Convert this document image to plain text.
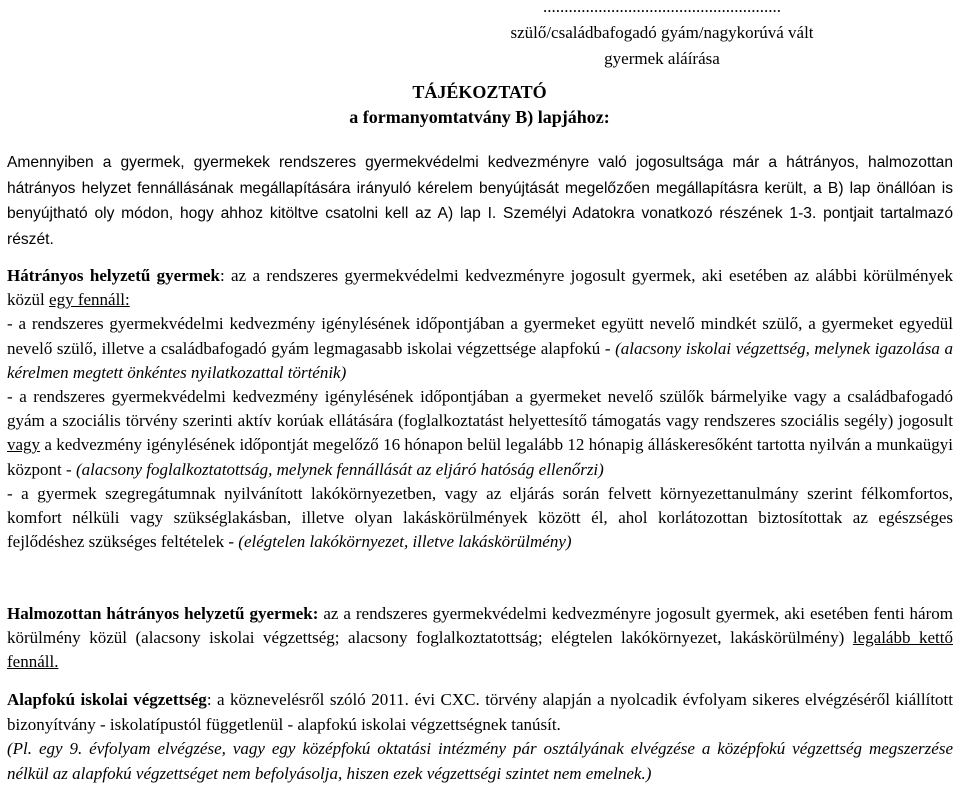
........................................................
szülő/családbafogadó gyám/nagykorúvá vált
gyermek aláírása
TÁJÉKOZTATÓ
a formanyomtatvány B) lapjához:

Amennyiben a gyermek, gyermekek rendszeres gyermekvédelmi kedvezményre való jogosultsága már a hátrányos, halmozottan hátrányos helyzet fennállásának megállapítására irányuló kérelem benyújtását megelőzően megállapításra került, a B) lap önállóan is benyújtható oly módon, hogy ahhoz kitöltve csatolni kell az A) lap I. Személyi Adatokra vonatkozó részének 1-3. pontjait tartalmazó részét.

Hátrányos helyzetű gyermek: az a rendszeres gyermekvédelmi kedvezményre jogosult gyermek, aki esetében az alábbi körülmények közül egy fennáll:
- a rendszeres gyermekvédelmi kedvezmény igénylésének időpontjában a gyermeket együtt nevelő mindkét szülő, a gyermeket egyedül nevelő szülő, illetve a családbafogadó gyám legmagasabb iskolai végzettsége alapfokú - (alacsony iskolai végzettség, melynek igazolása a kérelmen megtett önkéntes nyilatkozattal történik)
- a rendszeres gyermekvédelmi kedvezmény igénylésének időpontjában a gyermeket nevelő szülők bármelyike vagy a családbafogadó gyám a szociális törvény szerinti aktív korúak ellátására (foglalkoztatást helyettesítő támogatás vagy rendszeres szociális segély) jogosult vagy a kedvezmény igénylésének időpontját megelőző 16 hónapon belül legalább 12 hónapig álláskeresőként tartotta nyilván a munkaügyi központ - (alacsony foglalkoztatottság, melynek fennállását az eljáró hatóság ellenőrzi)
- a gyermek szegregátumnak nyilvánított lakókörnyezetben, vagy az eljárás során felvett környezettanulmány szerint félkomfortos, komfort nélküli vagy szükséglakásban, illetve olyan lakáskörülmények között él, ahol korlátozottan biztosítottak az egészséges fejlődéshez szükséges feltételek - (elégtelen lakókörnyezet, illetve lakáskörülmény)
Halmozottan hátrányos helyzetű gyermek: az a rendszeres gyermekvédelmi kedvezményre jogosult gyermek, aki esetében fenti három körülmény közül (alacsony iskolai végzettség; alacsony foglalkoztatottság; elégtelen lakókörnyezet, lakáskörülmény) legalább kettő fennáll.
Alapfokú iskolai végzettség: a köznevelésről szóló 2011. évi CXC. törvény alapján a nyolcadik évfolyam sikeres elvégzéséről kiállított bizonyítvány - iskolatípustól függetlenül - alapfokú iskolai végzettségnek tanúsít.
(Pl. egy 9. évfolyam elvégzése, vagy egy középfokú oktatási intézmény pár osztályának elvégzése a középfokú végzettség megszerzése nélkül az alapfokú végzettséget nem befolyásolja, hiszen ezek végzettségi szintet nem emelnek.)
